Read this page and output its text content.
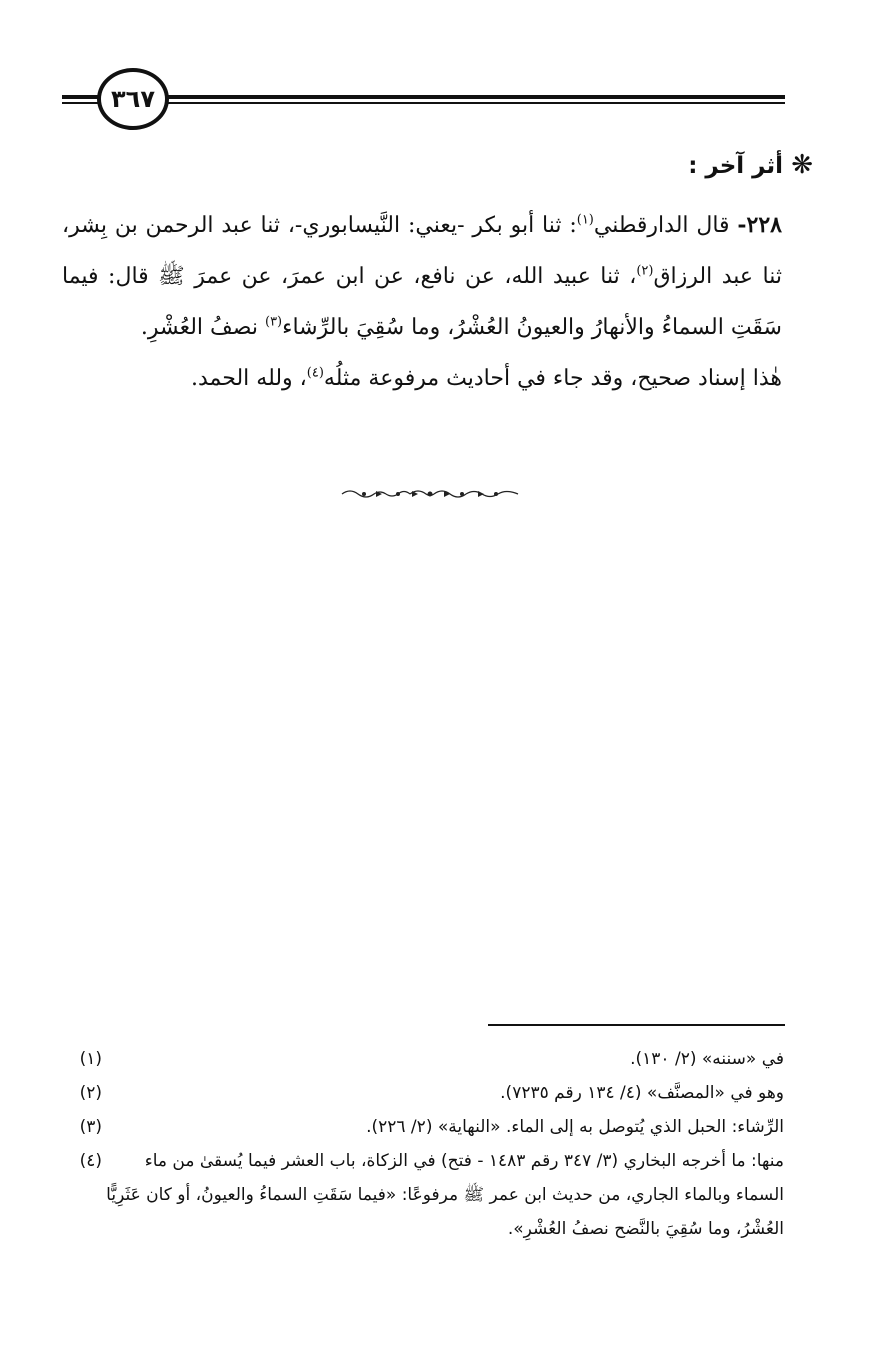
٣٦٧
❋
أثر آخر :

٢٢٨- قال الدارقطني$^{(١)}$: ثنا أبو بكر -يعني: النَّيسابوري-، ثنا عبد الرحمن بن بِشر، ثنا عبد الرزاق$^{(٢)}$، ثنا عبيد الله، عن نافع، عن ابن عمرَ، عن عمرَ ﷺ قال: فيما سَقَتِ السماءُ والأنهارُ والعيونُ العُشْرُ، وما سُقِيَ بالرِّشاء$^{(٣)}$ نصفُ العُشْرِ.

هٰذا إسناد صحيح، وقد جاء في أحاديث مرفوعة مثلُه$^{(٤)}$، ولله الحمد.

(١)	في «سننه» (٢/ ١٣٠).
(٢)	وهو في «المصنَّف» (٤/ ١٣٤ رقم ٧٢٣٥).
(٣)	الرِّشاء: الحبل الذي يُتوصل به إلى الماء. «النهاية» (٢/ ٢٢٦).
(٤)	منها: ما أخرجه البخاري (٣/ ٣٤٧ رقم ١٤٨٣ - فتح) في الزكاة، باب العشر فيما يُسقىٰ من ماء السماء وبالماء الجاري، من حديث ابن عمر ﷺ مرفوعًا: «فيما سَقَتِ السماءُ والعيونُ، أو كان عَثَرِيًّا العُشْرُ، وما سُقِيَ بالنَّضح نصفُ العُشْرِ».
